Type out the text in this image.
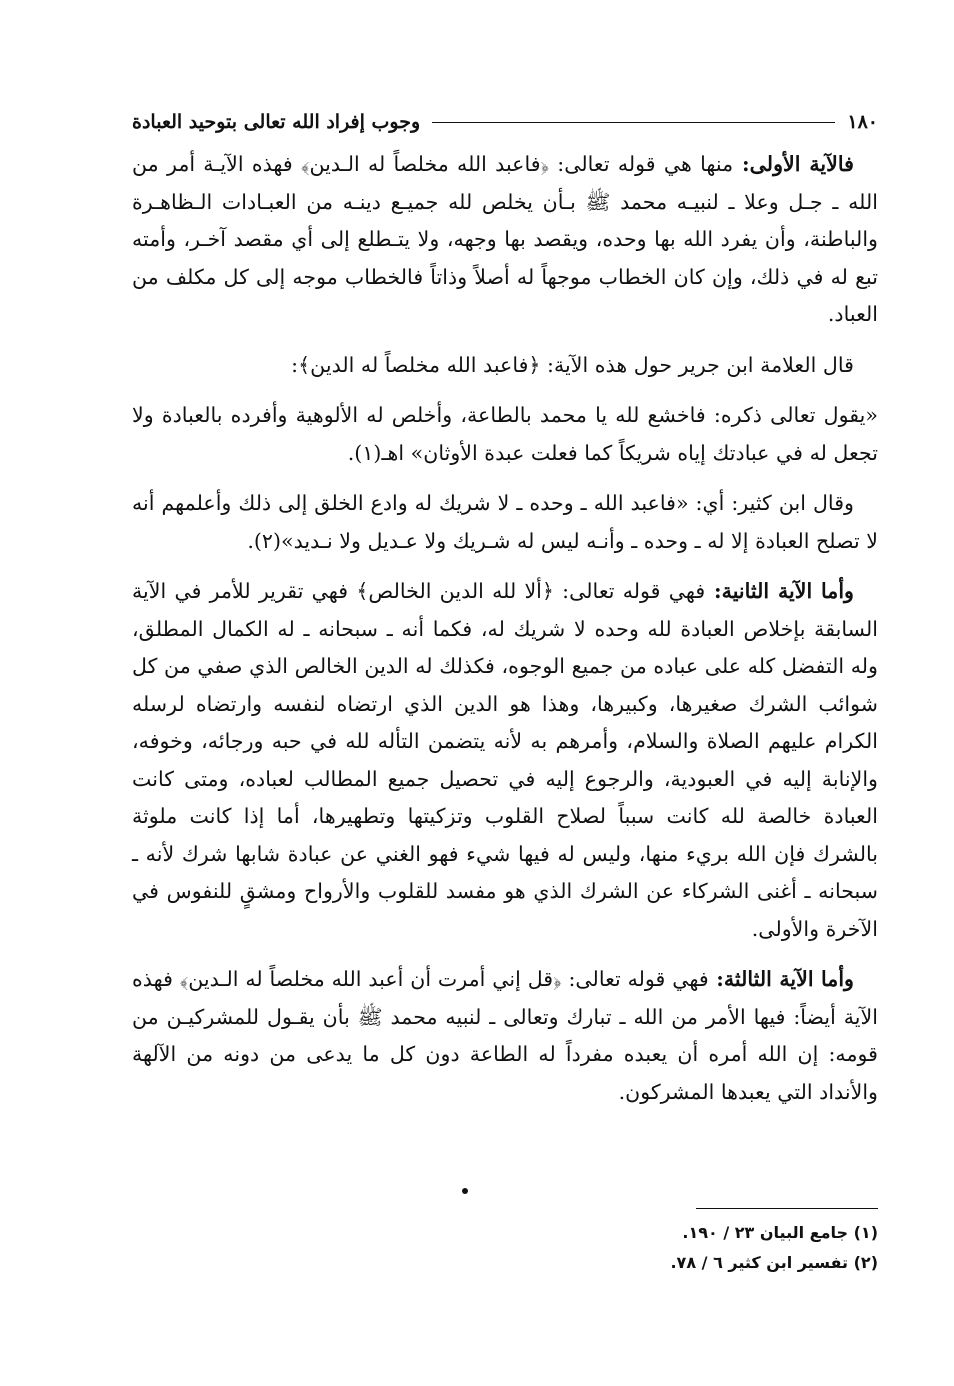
١٨٠
وجوب إفراد الله تعالى بتوحيد العبادة

فالآية الأولى: منها هي قوله تعالى: ﴿فاعبد الله مخلصاً له الـدين﴾ فهذه الآيـة أمر من الله ـ جـل وعلا ـ لنبيـه محمد ﷺ بـأن يخلص لله جميـع دينـه من العبـادات الـظاهـرة والباطنة، وأن يفرد الله بها وحده، ويقصد بها وجهه، ولا يتـطلع إلى أي مقصد آخـر، وأمته تبع له في ذلك، وإن كان الخطاب موجهاً له أصلاً وذاتاً فالخطاب موجه إلى كل مكلف من العباد.

قال العلامة ابن جرير حول هذه الآية: ﴿فاعبد الله مخلصاً له الدين﴾:

«يقول تعالى ذكره: فاخشع لله يا محمد بالطاعة، وأخلص له الألوهية وأفرده بالعبادة ولا تجعل له في عبادتك إياه شريكاً كما فعلت عبدة الأوثان» اهـ(١).

وقال ابن كثير: أي: «فاعبد الله ـ وحده ـ لا شريك له وادع الخلق إلى ذلك وأعلمهم أنه لا تصلح العبادة إلا له ـ وحده ـ وأنـه ليس له شـريك ولا عـديل ولا نـديد»(٢).

وأما الآية الثانية: فهي قوله تعالى: ﴿ألا لله الدين الخالص﴾ فهي تقرير للأمر في الآية السابقة بإخلاص العبادة لله وحده لا شريك له، فكما أنه ـ سبحانه ـ له الكمال المطلق، وله التفضل كله على عباده من جميع الوجوه، فكذلك له الدين الخالص الذي صفي من كل شوائب الشرك صغيرها، وكبيرها، وهذا هو الدين الذي ارتضاه لنفسه وارتضاه لرسله الكرام عليهم الصلاة والسلام، وأمرهم به لأنه يتضمن التأله لله في حبه ورجائه، وخوفه، والإنابة إليه في العبودية، والرجوع إليه في تحصيل جميع المطالب لعباده، ومتى كانت العبادة خالصة لله كانت سبباً لصلاح القلوب وتزكيتها وتطهيرها، أما إذا كانت ملوثة بالشرك فإن الله بريء منها، وليس له فيها شيء فهو الغني عن عبادة شابها شرك لأنه ـ سبحانه ـ أغنى الشركاء عن الشرك الذي هو مفسد للقلوب والأرواح ومشقٍ للنفوس في الآخرة والأولى.

وأما الآية الثالثة: فهي قوله تعالى: ﴿قل إني أمرت أن أعبد الله مخلصاً له الـدين﴾ فهذه الآية أيضاً: فيها الأمر من الله ـ تبارك وتعالى ـ لنبيه محمد ﷺ بأن يقـول للمشركيـن من قومه: إن الله أمره أن يعبده مفرداً له الطاعة دون كل ما يدعى من دونه من الآلهة والأنداد التي يعبدها المشركون.

(١) جامع البيان ٢٣ / ١٩٠.
(٢) تفسير ابن كثير ٦ / ٧٨.
